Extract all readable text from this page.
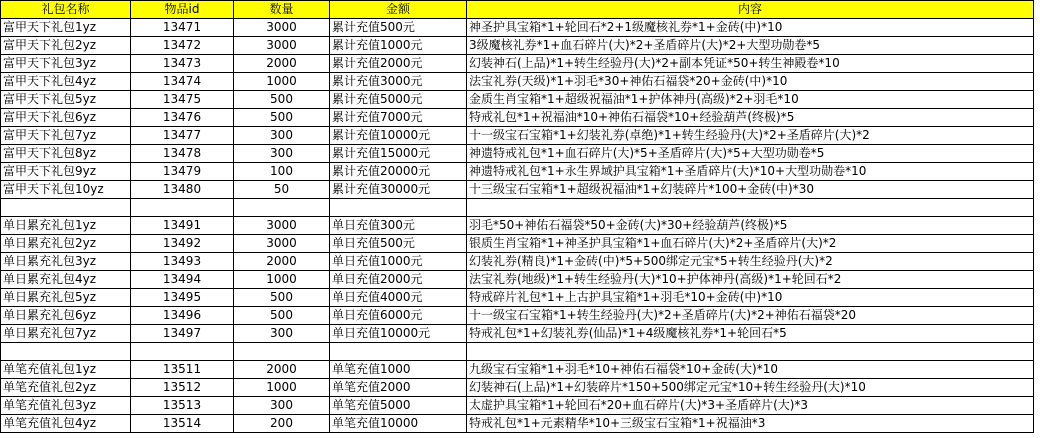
礼包名称	物品id	数量	金额	内容
富甲天下礼包1yz	13471	3000	累计充值500元	神圣护具宝箱*1+轮回石*2+1级魔核礼券*1+金砖(中)*10
富甲天下礼包2yz	13472	3000	累计充值1000元	3级魔核礼券*1+血石碎片(大)*2+圣盾碎片(大)*2+大型功勋卷*5
富甲天下礼包3yz	13473	2000	累计充值2000元	幻装神石(上品)*1+转生经验丹(大)*2+副本凭证*50+转生神殿卷*10
富甲天下礼包4yz	13474	1000	累计充值3000元	法宝礼券(天级)*1+羽毛*30+神佑石福袋*20+金砖(中)*10
富甲天下礼包5yz	13475	500	累计充值5000元	金质生肖宝箱*1+超级祝福油*1+护体神丹(高级)*2+羽毛*10
富甲天下礼包6yz	13476	500	累计充值7000元	特戒礼包*1+祝福油*10+神佑石福袋*10+经验葫芦(终极)*5
富甲天下礼包7yz	13477	300	累计充值10000元	十一级宝石宝箱*1+幻装礼券(卓绝)*1+转生经验丹(大)*2+圣盾碎片(大)*2
富甲天下礼包8yz	13478	300	累计充值15000元	神遗特戒礼包*1+血石碎片(大)*5+圣盾碎片(大)*5+大型功勋卷*5
富甲天下礼包9yz	13479	100	累计充值20000元	神遗特戒礼包*1+永生界域护具宝箱*1+圣盾碎片(大)*10+大型功勋卷*10
富甲天下礼包10yz	13480	50	累计充值30000元	十三级宝石宝箱*1+超级祝福油*1+幻装碎片*100+金砖(中)*30

单日累充礼包1yz	13491	3000	单日充值300元	羽毛*50+神佑石福袋*50+金砖(大)*30+经验葫芦(终极)*5
单日累充礼包2yz	13492	3000	单日充值500元	银质生肖宝箱*1+神圣护具宝箱*1+血石碎片(大)*2+圣盾碎片(大)*2
单日累充礼包3yz	13493	2000	单日充值1000元	幻装礼券(精良)*1+金砖(中)*5+500绑定元宝*5+转生经验丹(大)*2
单日累充礼包4yz	13494	1000	单日充值2000元	法宝礼券(地级)*1+转生经验丹(大)*10+护体神丹(高级)*1+轮回石*2
单日累充礼包5yz	13495	500	单日充值4000元	特戒碎片礼包*1+上古护具宝箱*1+羽毛*10+金砖(中)*10
单日累充礼包6yz	13496	500	单日充值6000元	十一级宝石宝箱*1+转生经验丹(大)*2+圣盾碎片(大)*2+神佑石福袋*20
单日累充礼包7yz	13497	300	单日充值10000元	特戒礼包*1+幻装礼券(仙品)*1+4级魔核礼券*1+轮回石*5

单笔充值礼包1yz	13511	2000	单笔充值1000	九级宝石宝箱*1+羽毛*10+神佑石福袋*10+金砖(大)*10
单笔充值礼包2yz	13512	1000	单笔充值2000	幻装神石(上品)*1+幻装碎片*150+500绑定元宝*10+转生经验丹(大)*10
单笔充值礼包3yz	13513	300	单笔充值5000	太虚护具宝箱*1+轮回石*20+血石碎片(大)*3+圣盾碎片(大)*3
单笔充值礼包4yz	13514	200	单笔充值10000	特戒礼包*1+元素精华*10+三级宝石宝箱*1+祝福油*3
